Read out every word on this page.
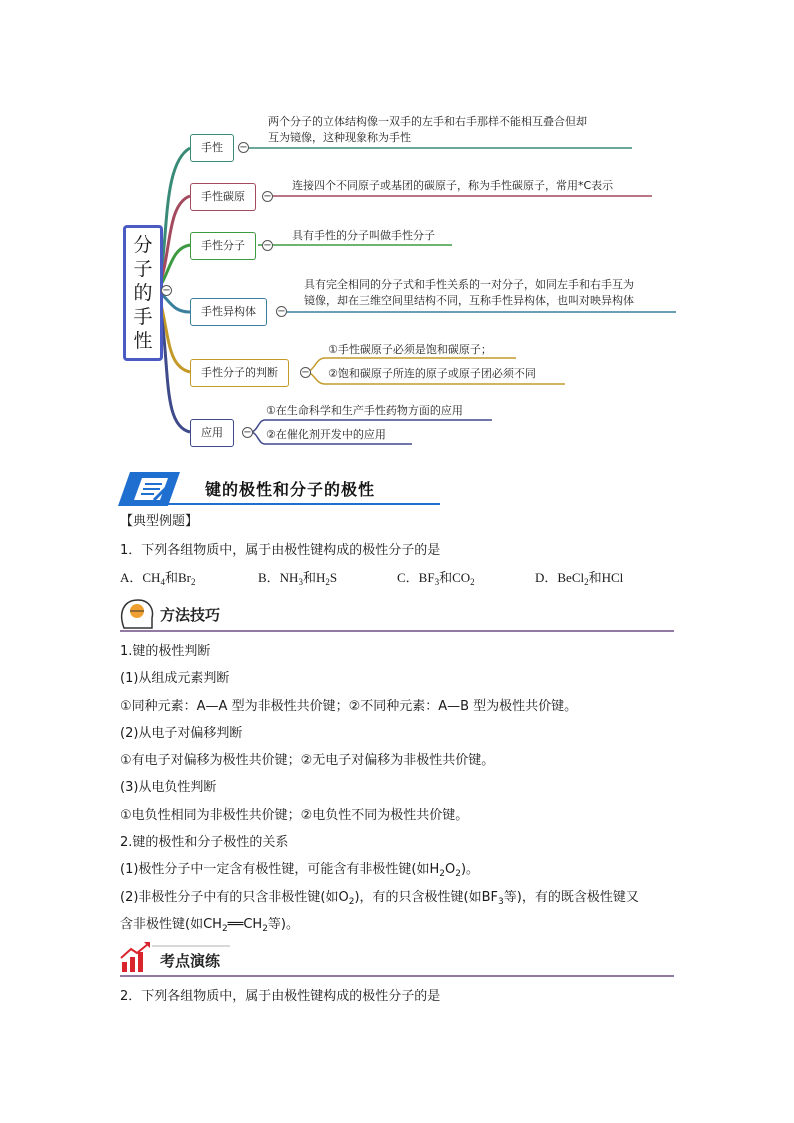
分子的手性
−
手性	−
两个分子的立体结构像一双手的左手和右手那样不能相互叠合但却
互为镜像，这种现象称为手性
手性碳原	−
连接四个不同原子或基团的碳原子，称为手性碳原子，常用*C表示
手性分子	−
具有手性的分子叫做手性分子
手性异构体	−
具有完全相同的分子式和手性关系的一对分子，如同左手和右手互为
镜像，却在三维空间里结构不同，互称手性异构体，也叫对映异构体
手性分子的判断	−
①手性碳原子必须是饱和碳原子；
②饱和碳原子所连的原子或原子团必须不同
应用	−
①在生命科学和生产手性药物方面的应用
②在催化剂开发中的应用
键的极性和分子的极性
【典型例题】
1．下列各组物质中，属于由极性键构成的极性分子的是
A．$CH_4$和$Br_2$	B．$NH_3$和$H_2S$	C．$BF_3$和$CO_2$	D．BeCl$_2$和HCl
方法技巧
1.键的极性判断
(1)从组成元素判断
①同种元素：A—A 型为非极性共价键；②不同种元素：A—B 型为极性共价键。
(2)从电子对偏移判断
①有电子对偏移为极性共价键；②无电子对偏移为非极性共价键。
(3)从电负性判断
①电负性相同为非极性共价键；②电负性不同为极性共价键。
2.键的极性和分子极性的关系
(1)极性分子中一定含有极性键，可能含有非极性键(如$H_2O_2$)。
(2)非极性分子中有的只含非极性键(如$O_2$)，有的只含极性键(如$BF_3$等)，有的既含极性键又
含非极性键(如$CH_2══CH_2$等)。
考点演练
2．下列各组物质中，属于由极性键构成的极性分子的是
